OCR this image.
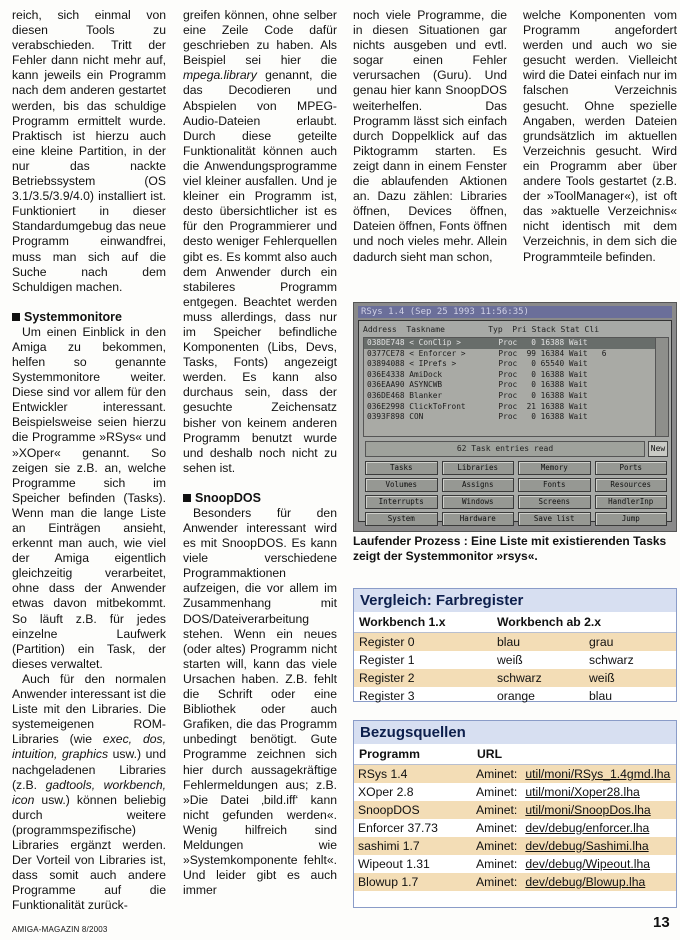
reich, sich einmal von diesen Tools zu verabschieden. Tritt der Fehler dann nicht mehr auf, kann jeweils ein Programm nach dem anderen gestartet werden, bis das schuldige Programm ermittelt wurde. Praktisch ist hierzu auch eine kleine Partition, in der nur das nackte Betriebssystem (OS 3.1/3.5/3.9/4.0) installiert ist. Funktioniert in dieser Standardumgebug das neue Programm einwandfrei, muss man sich auf die Suche nach dem Schuldigen machen.

Systemmonitore

Um einen Einblick in den Amiga zu bekommen, helfen so genannte Systemmonitore weiter. Diese sind vor allem für den Entwickler interessant. Beispielsweise seien hierzu die Programme »RSys« und »XOper« genannt. So zeigen sie z.B. an, welche Programme sich im Speicher befinden (Tasks). Wenn man die lange Liste an Einträgen ansieht, erkennt man auch, wie viel der Amiga eigentlich gleichzeitig verarbeitet, ohne dass der Anwender etwas davon mitbekommt. So läuft z.B. für jedes einzelne Laufwerk (Partition) ein Task, der dieses verwaltet.

Auch für den normalen Anwender interessant ist die Liste mit den Libraries. Die systemeigenen ROM-Libraries (wie exec, dos, intuition, graphics usw.) und nachgeladenen Libraries (z.B. gadtools, workbench, icon usw.) können beliebig durch weitere (programmspezifische) Libraries ergänzt werden. Der Vorteil von Libraries ist, dass somit auch andere Programme auf die Funktionalität zurück-

greifen können, ohne selber eine Zeile Code dafür geschrieben zu haben. Als Beispiel sei hier die mpega.library genannt, die das Decodieren und Abspielen von MPEG-Audio-Dateien erlaubt. Durch diese geteilte Funktionalität können auch die Anwendungsprogramme viel kleiner ausfallen. Und je kleiner ein Programm ist, desto übersichtlicher ist es für den Programmierer und desto weniger Fehlerquellen gibt es. Es kommt also auch dem Anwender durch ein stabileres Programm entgegen. Beachtet werden muss allerdings, dass nur im Speicher befindliche Komponenten (Libs, Devs, Tasks, Fonts) angezeigt werden. Es kann also durchaus sein, dass der gesuchte Zeichensatz bisher von keinem anderen Programm benutzt wurde und deshalb noch nicht zu sehen ist.

SnoopDOS

Besonders für den Anwender interessant wird es mit SnoopDOS. Es kann viele verschiedene Programmaktionen aufzeigen, die vor allem im Zusammenhang mit DOS/Dateiverarbeitung stehen. Wenn ein neues (oder altes) Programm nicht starten will, kann das viele Ursachen haben. Z.B. fehlt die Schrift oder eine Bibliothek oder auch Grafiken, die das Programm unbedingt benötigt. Gute Programme zeichnen sich hier durch aussagekräftige Fehlermeldungen aus; z.B. »Die Datei ‚bild.iff‘ kann nicht gefunden werden«. Wenig hilfreich sind Meldungen wie »Systemkomponente fehlt«. Und leider gibt es auch immer

noch viele Programme, die in diesen Situationen gar nichts ausgeben und evtl. sogar einen Fehler verursachen (Guru). Und genau hier kann SnoopDOS weiterhelfen. Das Programm lässt sich einfach durch Doppelklick auf das Piktogramm starten. Es zeigt dann in einem Fenster die ablaufenden Aktionen an. Dazu zählen: Libraries öffnen, Devices öffnen, Dateien öffnen, Fonts öffnen und noch vieles mehr. Allein dadurch sieht man schon,

welche Komponenten vom Programm angefordert werden und auch wo sie gesucht werden. Vielleicht wird die Datei einfach nur im falschen Verzeichnis gesucht. Ohne spezielle Angaben, werden Dateien grundsätzlich im aktuellen Verzeichnis gesucht. Wird ein Programm aber über andere Tools gestartet (z.B. der »ToolManager«), ist oft das »aktuelle Verzeichnis« nicht identisch mit dem Verzeichnis, in dem sich die Programmteile befinden.

RSys 1.4 (Sep 25 1993 11:56:35)
Address  Taskname         Typ  Pri Stack Stat Cli
038DE748 < ConClip >        Proc   0 16388 Wait
0377CE78 < Enforcer >       Proc  99 16384 Wait   6
03894088 < IPrefs >         Proc   0 65540 Wait
036E4338 AmiDock            Proc   0 16388 Wait
036EAA90 ASYNCWB            Proc   0 16388 Wait
036DE468 Blanker            Proc   0 16388 Wait
036E2998 ClickToFront       Proc  21 16388 Wait
0393F898 CON                Proc   0 16388 Wait
62 Task entries read	New
Tasks	Libraries	Memory	Ports
Volumes	Assigns	Fonts	Resources
Interrupts	Windows	Screens	HandlerInp
System	Hardware	Save list	Jump
Laufender Prozess : Eine Liste mit existierenden Tasks zeigt der Systemmonitor »rsys«.
Vergleich: Farbregister
Workbench 1.x	Workbench ab 2.x	
Register 0	blau	grau
Register 1	weiß	schwarz
Register 2	schwarz	weiß
Register 3	orange	blau
Bezugsquellen
Programm	URL	
RSys 1.4	Aminet:	util/moni/RSys_1.4gmd.lha
XOper 2.8	Aminet:	util/moni/Xoper28.lha
SnoopDOS	Aminet:	util/moni/SnoopDos.lha
Enforcer 37.73	Aminet:	dev/debug/enforcer.lha
sashimi 1.7	Aminet:	dev/debug/Sashimi.lha
Wipeout 1.31	Aminet:	dev/debug/Wipeout.lha
Blowup 1.7	Aminet:	dev/debug/Blowup.lha
AMIGA-MAGAZIN 8/2003	13
